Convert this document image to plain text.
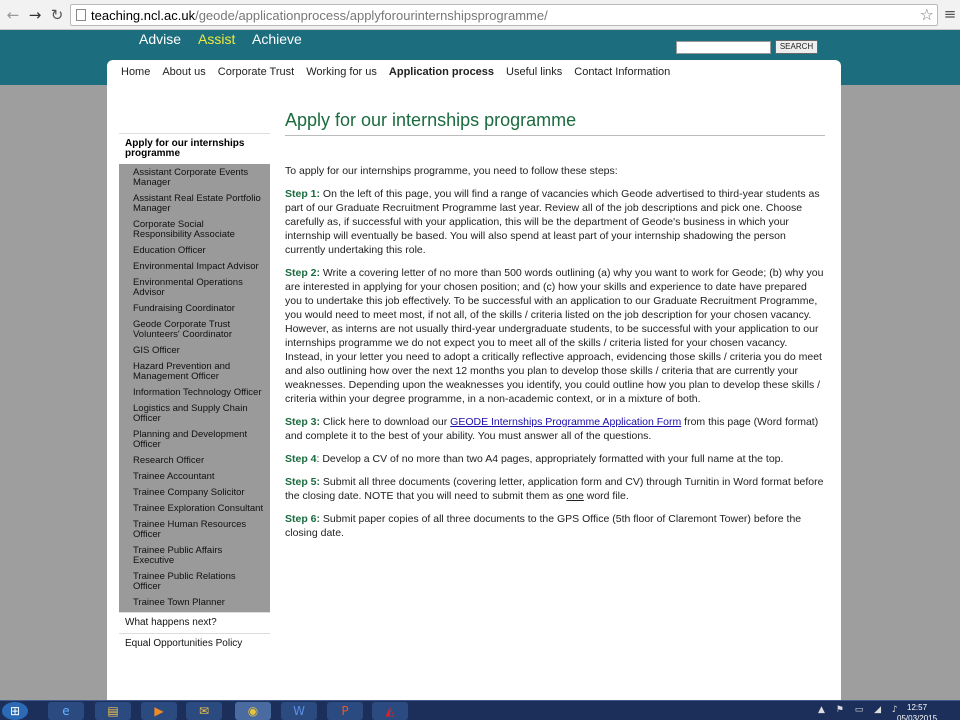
← → ↻ teaching.ncl.ac.uk/geode/applicationprocess/applyforourinternshipsprogramme/	☆ ≡
Advise Assist Achieve	SEARCH
Home About us Corporate Trust Working for us Application process Useful links Contact Information
Apply for our internships programme
Assistant Corporate Events Manager
Assistant Real Estate Portfolio Manager
Corporate Social Responsibility Associate
Education Officer
Environmental Impact Advisor
Environmental Operations Advisor
Fundraising Coordinator
Geode Corporate Trust Volunteers' Coordinator
GIS Officer
Hazard Prevention and Management Officer
Information Technology Officer
Logistics and Supply Chain Officer
Planning and Development Officer
Research Officer
Trainee Accountant
Trainee Company Solicitor
Trainee Exploration Consultant
Trainee Human Resources Officer
Trainee Public Affairs Executive
Trainee Public Relations Officer
Trainee Town Planner
What happens next?
Equal Opportunities Policy
Apply for our internships programme

To apply for our internships programme, you need to follow these steps:

Step 1: On the left of this page, you will find a range of vacancies which Geode advertised to third-year students as part of our Graduate Recruitment Programme last year. Review all of the job descriptions and pick one. Choose carefully as, if successful with your application, this will be the department of Geode's business in which your internship will eventually be based. You will also spend at least part of your internship shadowing the person currently undertaking this role.

Step 2: Write a covering letter of no more than 500 words outlining (a) why you want to work for Geode; (b) why you are interested in applying for your chosen position; and (c) how your skills and experience to date have prepared you to undertake this job effectively. To be successful with an application to our Graduate Recruitment Programme, you would need to meet most, if not all, of the skills / criteria listed on the job description for your chosen vacancy. However, as interns are not usually third-year undergraduate students, to be successful with your application to our internships programme we do not expect you to meet all of the skills / criteria listed for your chosen vacancy. Instead, in your letter you need to adopt a critically reflective approach, evidencing those skills / criteria you do meet and also outlining how over the next 12 months you plan to develop those skills / criteria that are currently your weaknesses. Depending upon the weaknesses you identify, you could outline how you plan to develop these skills / criteria within your degree programme, in a non-academic context, or in a mixture of both.

Step 3: Click here to download our GEODE Internships Programme Application Form from this page (Word format) and complete it to the best of your ability. You must answer all of the questions.

Step 4: Develop a CV of no more than two A4 pages, appropriately formatted with your full name at the top.

Step 5: Submit all three documents (covering letter, application form and CV) through Turnitin in Word format before the closing date. NOTE that you will need to submit them as one word file.

Step 6: Submit paper copies of all three documents to the GPS Office (5th floor of Claremont Tower) before the closing date.

⊞	e	▤	▶	✉	◉	W	P	◭	▲ ⚑ ▭ ◢ ♪ 12:57
05/03/2015
